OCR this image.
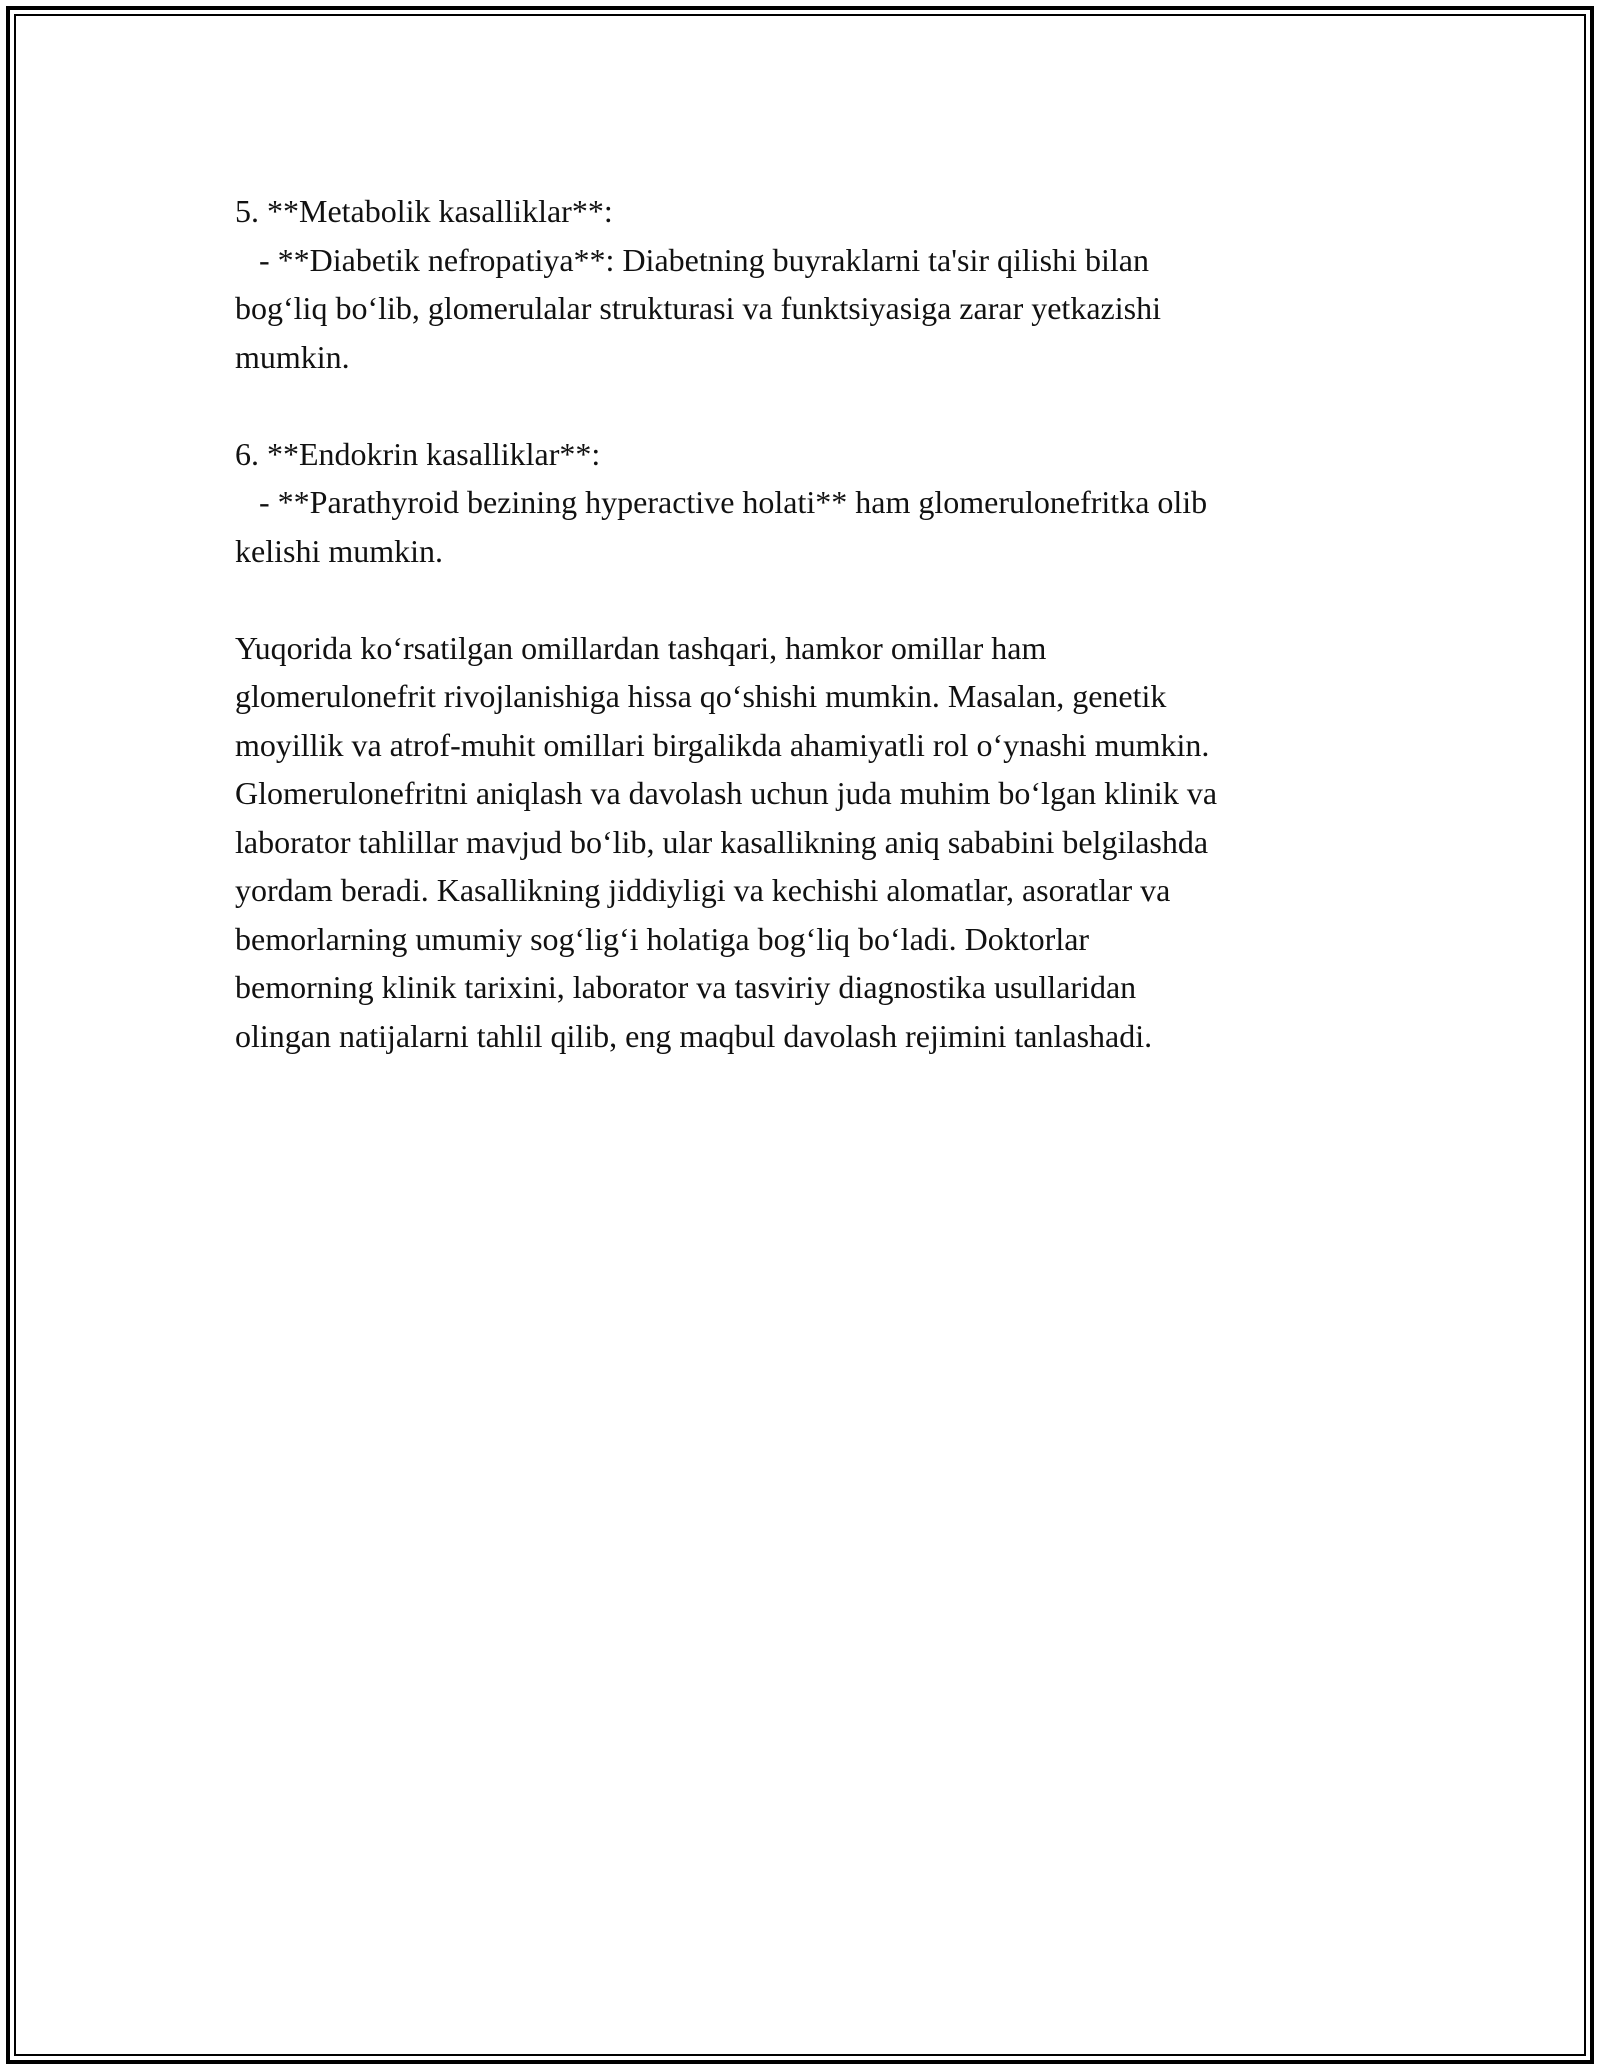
5. **Metabolik kasalliklar**:

- **Diabetik nefropatiya**: Diabetning buyraklarni ta'sir qilishi bilan
bog‘liq bo‘lib, glomerulalar strukturasi va funktsiyasiga zarar yetkazishi
mumkin.

6. **Endokrin kasalliklar**:

- **Parathyroid bezining hyperactive holati** ham glomerulonefritka olib
kelishi mumkin.

Yuqorida ko‘rsatilgan omillardan tashqari, hamkor omillar ham
glomerulonefrit rivojlanishiga hissa qo‘shishi mumkin. Masalan, genetik
moyillik va atrof-muhit omillari birgalikda ahamiyatli rol o‘ynashi mumkin.
Glomerulonefritni aniqlash va davolash uchun juda muhim bo‘lgan klinik va
laborator tahlillar mavjud bo‘lib, ular kasallikning aniq sababini belgilashda
yordam beradi. Kasallikning jiddiyligi va kechishi alomatlar, asoratlar va
bemorlarning umumiy sog‘lig‘i holatiga bog‘liq bo‘ladi. Doktorlar
bemorning klinik tarixini, laborator va tasviriy diagnostika usullaridan
olingan natijalarni tahlil qilib, eng maqbul davolash rejimini tanlashadi.
